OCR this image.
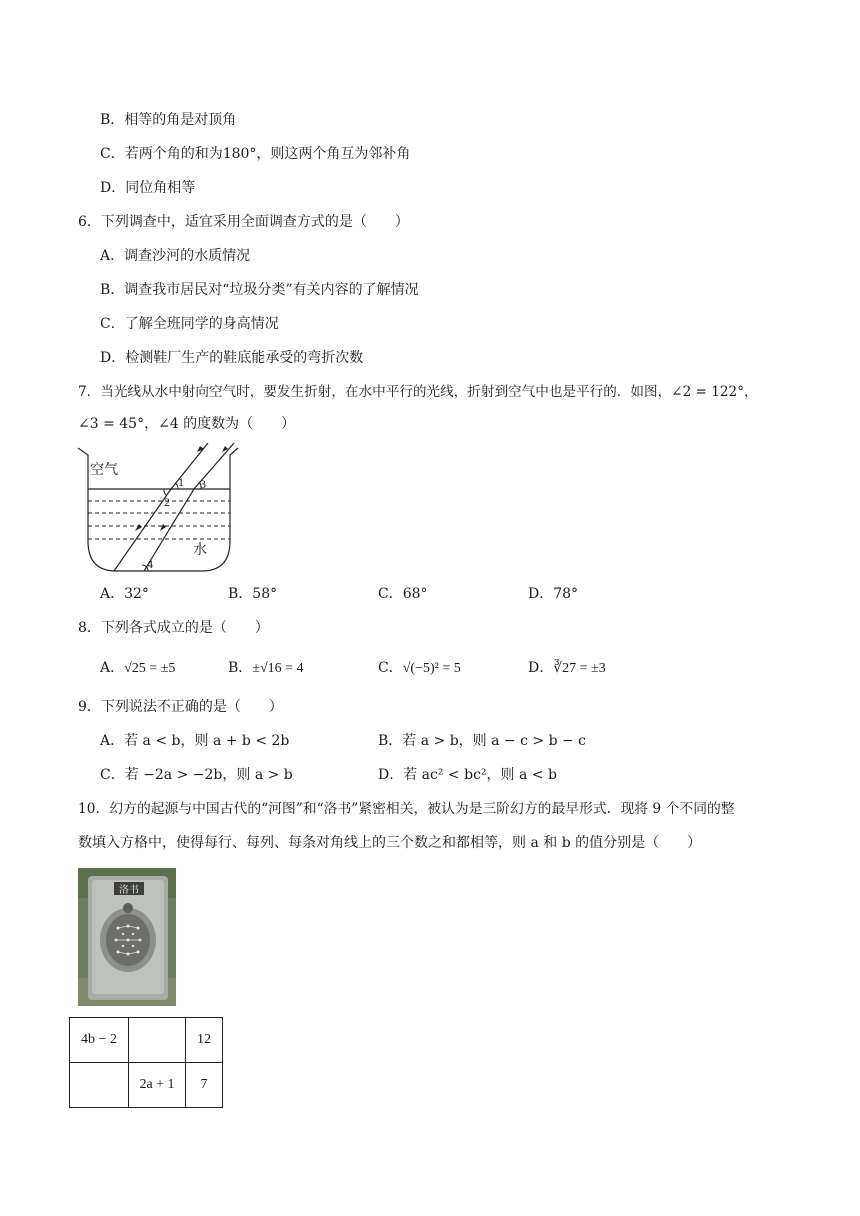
B．相等的角是对顶角
C．若两个角的和为180°，则这两个角互为邻补角
D．同位角相等
6．下列调查中，适宜采用全面调查方式的是（　　）
A．调查沙河的水质情况
B．调查我市居民对“垃圾分类”有关内容的了解情况
C．了解全班同学的身高情况
D．检测鞋厂生产的鞋底能承受的弯折次数
7．当光线从水中射向空气时，要发生折射，在水中平行的光线，折射到空气中也是平行的．如图，∠2 = 122°，
∠3 = 45°，∠4 的度数为（　　）
空气
水
1
2
3
4
A．32°	B．58°	C．68°	D．78°
8．下列各式成立的是（　　）
A．√25 = ±5	B．±√16 = 4	C．√(−5)² = 5	D．∛27 = ±3
9．下列说法不正确的是（　　）
A．若 a < b，则 a + b < 2b	B．若 a > b，则 a − c > b − c
C．若 −2a > −2b，则 a > b	D．若 ac² < bc²，则 a < b
10．幻方的起源与中国古代的“河图”和“洛书”紧密相关，被认为是三阶幻方的最早形式．现将 9 个不同的整
数填入方格中，使得每行、每列、每条对角线上的三个数之和都相等，则 a 和 b 的值分别是（　　）
洛书
4b − 2		12
	2a + 1	7
